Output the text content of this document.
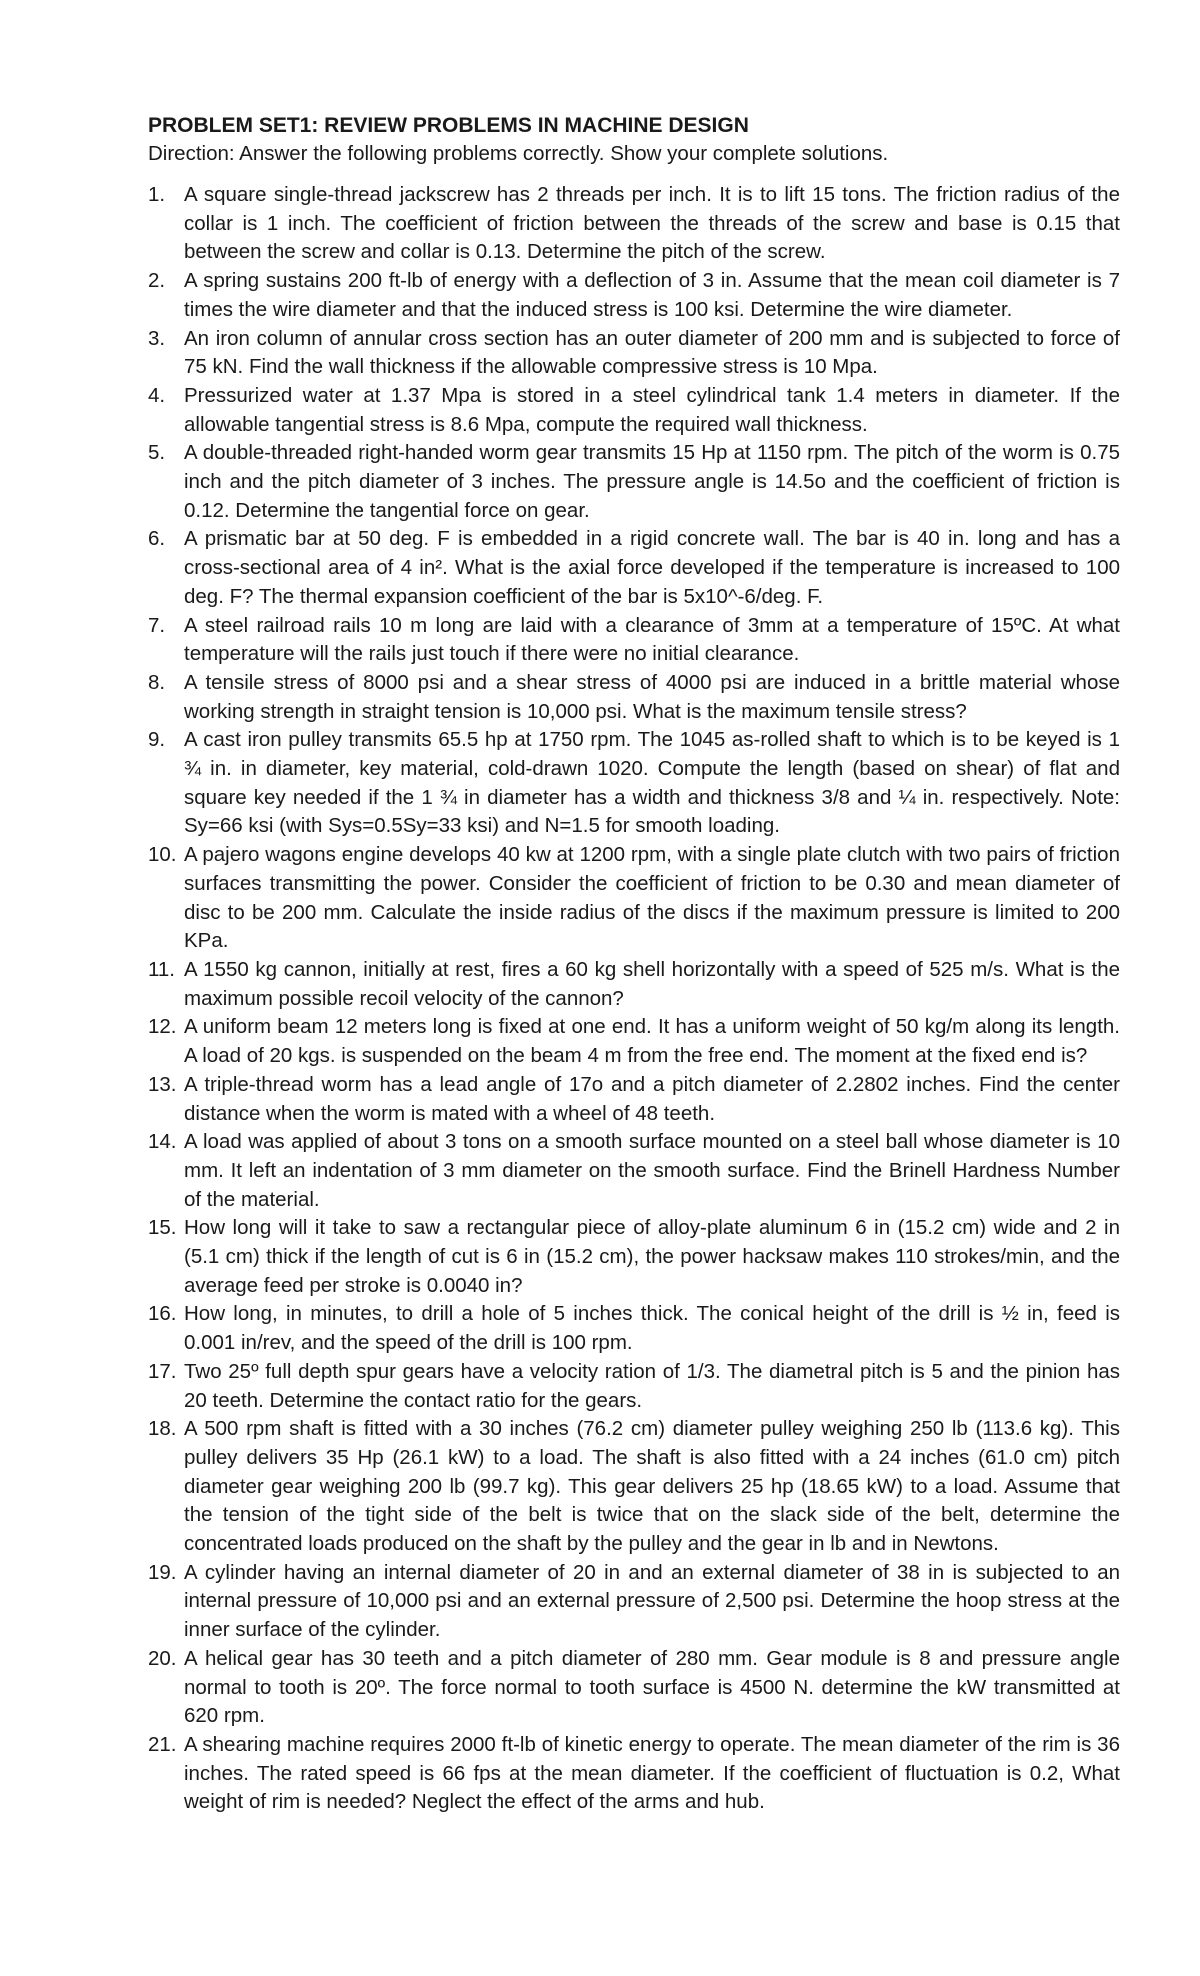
PROBLEM SET1: REVIEW PROBLEMS IN MACHINE DESIGN

Direction: Answer the following problems correctly. Show your complete solutions.

1. A square single-thread jackscrew has 2 threads per inch. It is to lift 15 tons. The friction radius of the collar is 1 inch. The coefficient of friction between the threads of the screw and base is 0.15 that between the screw and collar is 0.13. Determine the pitch of the screw.
2. A spring sustains 200 ft-lb of energy with a deflection of 3 in. Assume that the mean coil diameter is 7 times the wire diameter and that the induced stress is 100 ksi. Determine the wire diameter.
3. An iron column of annular cross section has an outer diameter of 200 mm and is subjected to force of 75 kN. Find the wall thickness if the allowable compressive stress is 10 Mpa.
4. Pressurized water at 1.37 Mpa is stored in a steel cylindrical tank 1.4 meters in diameter. If the allowable tangential stress is 8.6 Mpa, compute the required wall thickness.
5. A double-threaded right-handed worm gear transmits 15 Hp at 1150 rpm. The pitch of the worm is 0.75 inch and the pitch diameter of 3 inches. The pressure angle is 14.5o and the coefficient of friction is 0.12. Determine the tangential force on gear.
6. A prismatic bar at 50 deg. F is embedded in a rigid concrete wall. The bar is 40 in. long and has a cross-sectional area of 4 in². What is the axial force developed if the temperature is increased to 100 deg. F? The thermal expansion coefficient of the bar is 5x10^-6/deg. F.
7. A steel railroad rails 10 m long are laid with a clearance of 3mm at a temperature of 15ºC. At what temperature will the rails just touch if there were no initial clearance.
8. A tensile stress of 8000 psi and a shear stress of 4000 psi are induced in a brittle material whose working strength in straight tension is 10,000 psi. What is the maximum tensile stress?
9. A cast iron pulley transmits 65.5 hp at 1750 rpm. The 1045 as-rolled shaft to which is to be keyed is 1 ¾ in. in diameter, key material, cold-drawn 1020. Compute the length (based on shear) of flat and square key needed if the 1 ¾ in diameter has a width and thickness 3/8 and ¼ in. respectively. Note: Sy=66 ksi (with Sys=0.5Sy=33 ksi) and N=1.5 for smooth loading.
10. A pajero wagons engine develops 40 kw at 1200 rpm, with a single plate clutch with two pairs of friction surfaces transmitting the power. Consider the coefficient of friction to be 0.30 and mean diameter of disc to be 200 mm. Calculate the inside radius of the discs if the maximum pressure is limited to 200 KPa.
11. A 1550 kg cannon, initially at rest, fires a 60 kg shell horizontally with a speed of 525 m/s. What is the maximum possible recoil velocity of the cannon?
12. A uniform beam 12 meters long is fixed at one end. It has a uniform weight of 50 kg/m along its length. A load of 20 kgs. is suspended on the beam 4 m from the free end. The moment at the fixed end is?
13. A triple-thread worm has a lead angle of 17o and a pitch diameter of 2.2802 inches. Find the center distance when the worm is mated with a wheel of 48 teeth.
14. A load was applied of about 3 tons on a smooth surface mounted on a steel ball whose diameter is 10 mm. It left an indentation of 3 mm diameter on the smooth surface. Find the Brinell Hardness Number of the material.
15. How long will it take to saw a rectangular piece of alloy-plate aluminum 6 in (15.2 cm) wide and 2 in (5.1 cm) thick if the length of cut is 6 in (15.2 cm), the power hacksaw makes 110 strokes/min, and the average feed per stroke is 0.0040 in?
16. How long, in minutes, to drill a hole of 5 inches thick. The conical height of the drill is ½ in, feed is 0.001 in/rev, and the speed of the drill is 100 rpm.
17. Two 25º full depth spur gears have a velocity ration of 1/3. The diametral pitch is 5 and the pinion has 20 teeth. Determine the contact ratio for the gears.
18. A 500 rpm shaft is fitted with a 30 inches (76.2 cm) diameter pulley weighing 250 lb (113.6 kg). This pulley delivers 35 Hp (26.1 kW) to a load. The shaft is also fitted with a 24 inches (61.0 cm) pitch diameter gear weighing 200 lb (99.7 kg). This gear delivers 25 hp (18.65 kW) to a load. Assume that the tension of the tight side of the belt is twice that on the slack side of the belt, determine the concentrated loads produced on the shaft by the pulley and the gear in lb and in Newtons.
19. A cylinder having an internal diameter of 20 in and an external diameter of 38 in is subjected to an internal pressure of 10,000 psi and an external pressure of 2,500 psi. Determine the hoop stress at the inner surface of the cylinder.
20. A helical gear has 30 teeth and a pitch diameter of 280 mm. Gear module is 8 and pressure angle normal to tooth is 20º. The force normal to tooth surface is 4500 N. determine the kW transmitted at 620 rpm.
21. A shearing machine requires 2000 ft-lb of kinetic energy to operate. The mean diameter of the rim is 36 inches. The rated speed is 66 fps at the mean diameter. If the coefficient of fluctuation is 0.2, What weight of rim is needed? Neglect the effect of the arms and hub.
